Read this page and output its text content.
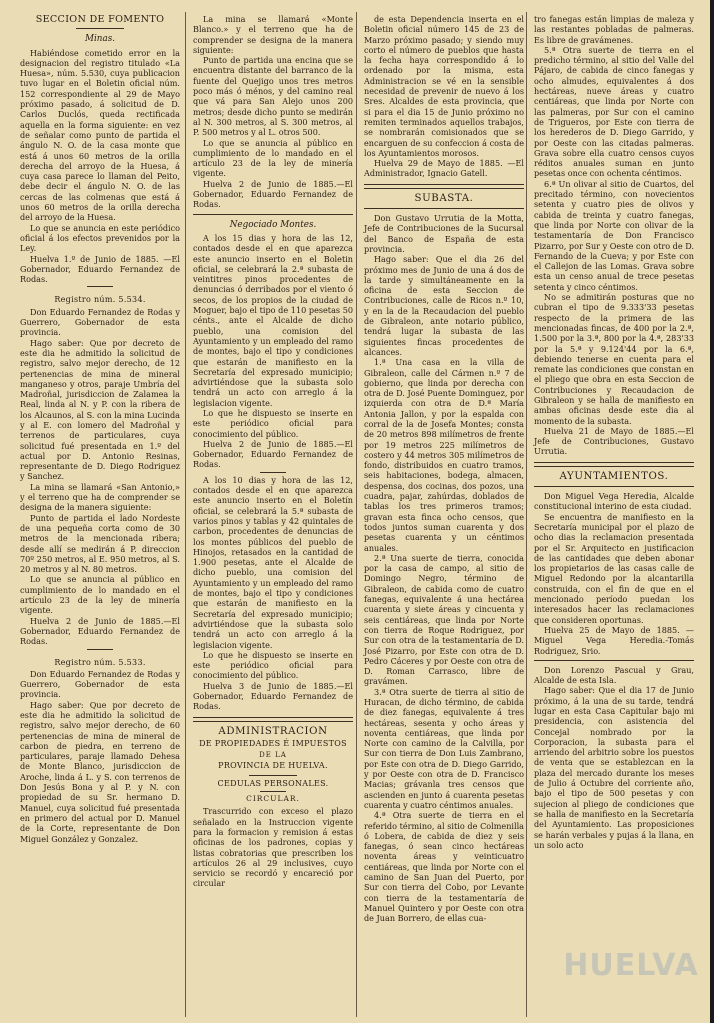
SECCION DE FOMENTO
Minas.

Habiéndose cometido error en la designacion del registro titulado «La Huesa», núm. 5.530, cuya publicacion tuvo lugar en el Boletin oficial núm. 152 correspondiente al 29 de Mayo próximo pasado, á solicitud de D. Carlos Duclós, queda rectificada aquella en la forma siguiente: en vez de señalar como punto de partida el ángulo N. O. de la casa monte que está á unos 60 metros de la orilla derecha del arroyo de la Huesa, á cuya casa parece lo llaman del Peito, debe decir el ángulo N. O. de las cercas de las colmenas que está á unos 60 metros de la orilla derecha del arroyo de la Huesa.

Lo que se anuncia en este periódico oficial á los efectos prevenidos por la Ley.

Huelva 1.º de Junio de 1885. —El Gobernador, Eduardo Fernandez de Rodas.

Registro núm. 5.534.

Don Eduardo Fernandez de Rodas y Guerrero, Gobernador de esta provincia.

Hago saber: Que por decreto de este dia he admitido la solicitud de registro, salvo mejor derecho, de 12 pertenencias de mina de mineral manganeso y otros, paraje Umbría del Madroñal, jurisdiccion de Zalamea la Real, linda al N. y P. con la ribera de los Alcaunos, al S. con la mina Lucinda y al E. con lomero del Madroñal y terrenos de particulares, cuya solicitud fué presentada en 1.º del actual por D. Antonio Resinas, representante de D. Diego Rodriguez y Sanchez.

La mina se llamará «San Antonio,» y el terreno que ha de comprender se designa de la manera siguiente:

Punto de partida el lado Nordeste de una pequeña corta como de 30 metros de la mencionada ribera; desde allí se medirán á P. direccion 70º 250 metros, al E. 950 metros, al S. 20 metros y al N. 80 metros.

Lo que se anuncia al público en cumplimiento de lo mandado en el artículo 23 de la ley de minería vigente.

Huelva 2 de Junio de 1885.—El Gobernador, Eduardo Fernandez de Rodas.

Registro núm. 5.533.

Don Eduardo Fernandez de Rodas y Guerrero, Gobernador de esta provincia.

Hago saber: Que por decreto de este dia he admitido la solicitud de registro, salvo mejor derecho, de 60 pertenencias de mina de mineral de carbon de piedra, en terreno de particulares, paraje llamado Dehesa de Monte Blanco, jurisdiccion de Aroche, linda á L. y S. con terrenos de Don Jesús Bona y al P. y N. con propiedad de su Sr. hermano D. Manuel, cuya solicitud fué presentada en primero del actual por D. Manuel de la Corte, representante de Don Miguel González y Gonzalez.

La mina se llamará «Monte Blanco.» y el terreno que ha de comprender se designa de la manera siguiente:

Punto de partida una encina que se encuentra distante del barranco de la fuente del Quejigo unos tres metros poco más ó ménos, y del camino real que vá para San Alejo unos 200 metros; desde dicho punto se medirán al N. 300 metros, al S. 300 metros, al P. 500 metros y al L. otros 500.

Lo que se anuncia al público en cumplimiento de lo mandado en el artículo 23 de la ley de minería vigente.

Huelva 2 de Junio de 1885.—El Gobernador, Eduardo Fernandez de Rodas.

Negociado Montes.

A los 15 dias y hora de las 12, contados desde el en que aparezca este anuncio inserto en el Boletin oficial, se celebrará la 2.ª subasta de veintitres pinos procedentes de denuncias ó derribados por el viento ó secos, de los propios de la ciudad de Moguer, bajo el tipo de 110 pesetas 50 cénts., ante el Alcalde de dicho pueblo, una comision del Ayuntamiento y un empleado del ramo de montes, bajo el tipo y condiciones que estarán de manifiesto en la Secretaría del expresado municipio; advirtiéndose que la subasta solo tendrá un acto con arreglo á la legislacion vigente.

Lo que he dispuesto se inserte en este periódico oficial para conocimiento del público.

Huelva 2 de Junio de 1885.—El Gobernador, Eduardo Fernandez de Rodas.

A los 10 dias y hora de las 12, contados desde el en que aparezca este anuncio inserto en el Boletín oficial, se celebrará la 5.ª subasta de varios pinos y tablas y 42 quintales de carbon, procedentes de denuncias de los montes públicos del pueblo de Hinojos, retasados en la cantidad de 1.900 pesetas, ante el Alcalde de dicho pueblo, una comision del Ayuntamiento y un empleado del ramo de montes, bajo el tipo y condiciones que estarán de manifiesto en la Secretaría del expresado municipio; advirtiéndose que la subasta solo tendrá un acto con arreglo á la legislacion vigente.

Lo que he dispuesto se inserte en este periódico oficial para conocimiento del público.

Huelva 3 de Junio de 1885.—El Gobernador, Eduardo Fernandez de Rodas.

ADMINISTRACION
DE PROPIEDADES É IMPUESTOS
DE LA
PROVINCIA DE HUELVA.
CEDULAS PERSONALES.
CIRCULAR.

Trascurrido con exceso el plazo señalado en la Instruccion vigente para la formacion y remision á estas oficinas de los padrones, copias y listas cobratorias que prescriben los artículos 26 al 29 inclusives, cuyo servicio se recordó y encareció por circular

de esta Dependencia inserta en el Boletin oficial número 145 de 23 de Marzo próximo pasado; y siendo muy corto el número de pueblos que hasta la fecha haya correspondido á lo ordenado por la misma, esta Administracion se vé en la sensible necesidad de prevenir de nuevo á los Sres. Alcaldes de esta provincia, que si para el dia 15 de Junio próximo no remiten terminados aquellos trabajos, se nombrarán comisionados que se encarguen de su confeccion á costa de los Ayuntamientos morosos.

Huelva 29 de Mayo de 1885. —El Administrador, Ignacio Gatell.

SUBASTA.

Don Gustavo Urrutia de la Motta, Jefe de Contribuciones de la Sucursal del Banco de España de esta provincia.

Hago saber: Que el dia 26 del próximo mes de Junio de una á dos de la tarde y simultáneamente en la oficina de esta Seccion de Contribuciones, calle de Ricos n.º 10, y en la de la Recaudacion del pueblo de Gibraleon, ante notario público, tendrá lugar la subasta de las siguientes fincas procedentes de alcances.

1.ª Una casa en la villa de Gibraleon, calle del Cármen n.º 7 de gobierno, que linda por derecha con otra de D. José Puente Dominguez, por izquierda con otra de D.ª María Antonia Jallon, y por la espalda con corral de la de Josefa Montes; consta de 20 metros 898 milímetros de frente por 19 metros 225 milímetros de costero y 44 metros 305 milímetros de fondo, distribuidos en cuatro tramos, seis habitaciones, bodega, almacen, despensa, dos cocinas, dos pozos, una cuadra, pajar, zahúrdas, doblados de tablas los tres primeros tramos; gravan esta finca ocho censos, que todos juntos suman cuarenta y dos pesetas cuarenta y un céntimos anuales.

2.ª Una suerte de tierra, conocida por la casa de campo, al sitio de Domingo Negro, término de Gibraleon, de cabida como de cuatro fanegas, equivalente á una hectárea cuarenta y siete áreas y cincuenta y seis centiáreas, que linda por Norte con tierra de Roque Rodriguez, por Sur con otra de la testamentaría de D. José Pizarro, por Este con otra de D. Pedro Cáceres y por Oeste con otra de D. Roman Carrasco, libre de gravámen.

3.ª Otra suerte de tierra al sitio de Huracan, de dicho término, de cabida de diez fanegas, equivalente á tres hectáreas, sesenta y ocho áreas y noventa centiáreas, que linda por Norte con camino de la Calvilla, por Sur con tierra de Don Luis Zambrano, por Este con otra de D. Diego Garrido, y por Oeste con otra de D. Francisco Macias; grávanla tres censos que ascienden en junto á cuarenta pesetas cuarenta y cuatro céntimos anuales.

4.ª Otra suerte de tierra en el referido término, al sitio de Colmenilla ó Lobera, de cabida de diez y seis fanegas, ó sean cinco hectáreas noventa áreas y veinticuatro centiáreas, que linda por Norte con el camino de San Juan del Puerto, por Sur con tierra del Cobo, por Levante con tierra de la testamentaría de Manuel Quintero y por Oeste con otra de Juan Borrero, de ellas cua-

tro fanegas están limpias de maleza y las restantes pobladas de palmeras. Es libre de gravámenes.

5.ª Otra suerte de tierra en el predicho término, al sitio del Valle del Pájaro, de cabida de cinco fanegas y ocho almudes, equivalentes á dos hectáreas, nueve áreas y cuatro centiáreas, que linda por Norte con las palmeras, por Sur con el camino de Trigueros, por Este con tierra de los herederos de D. Diego Garrido, y por Oeste con las citadas palmeras. Grava sobre ella cuatro censos cuyos réditos anuales suman en junto pesetas once con ochenta céntimos.

6.ª Un olivar al sitio de Cuartos, del precitado término, con novecientos setenta y cuatro pies de olivos y cabida de treinta y cuatro fanegas, que linda por Norte con olivar de la testamentaría de Don Francisco Pizarro, por Sur y Oeste con otro de D. Fernando de la Cueva; y por Este con el Callejon de las Lomas. Grava sobre esta un censo anual de trece pesetas setenta y cinco céntimos.

No se admitirán posturas que no cubran el tipo de 9.333'33 pesetas respecto de la primera de las mencionadas fincas, de 400 por la 2.ª, 1.500 por la 3.ª, 800 por la 4.ª, 283'33 por la 5.ª y 9.124'44 por la 6.ª, debiendo tenerse en cuenta para el remate las condiciones que constan en el pliego que obra en esta Seccion de Contribuciones y Recaudacion de Gibraleon y se halla de manifiesto en ambas oficinas desde este dia al momento de la subasta.

Huelva 21 de Mayo de 1885.—El Jefe de Contribuciones, Gustavo Urrutia.

AYUNTAMIENTOS.

Don Miguel Vega Heredia, Alcalde constitucional interino de esta ciudad.

Se encuentra de manifiesto en la Secretaría municipal por el plazo de ocho dias la reclamacion presentada por el Sr. Arquitecto en justificacion de las cantidades que deben abonar los propietarios de las casas calle de Miguel Redondo por la alcantarilla construida, con el fin de que en el mencionado período puedan los interesados hacer las reclamaciones que consideren oportunas.

Huelva 25 de Mayo de 1885. —Miguel Vega Heredia.-Tomás Rodriguez, Srio.

Don Lorenzo Pascual y Grau, Alcalde de esta Isla.

Hago saber: Que el dia 17 de Junio próximo, á la una de su tarde, tendrá lugar en esta Casa Capitular bajo mi presidencia, con asistencia del Concejal nombrado por la Corporacion, la subasta para el arriendo del arbitrio sobre los puestos de venta que se establezcan en la plaza del mercado durante los meses de Julio á Octubre del corriente año, bajo el tipo de 500 pesetas y con sujecion al pliego de condiciones que se halla de manifiesto en la Secretaría del Ayuntamiento. Las proposiciones se harán verbales y pujas á la llana, en un solo acto

HUELVA
